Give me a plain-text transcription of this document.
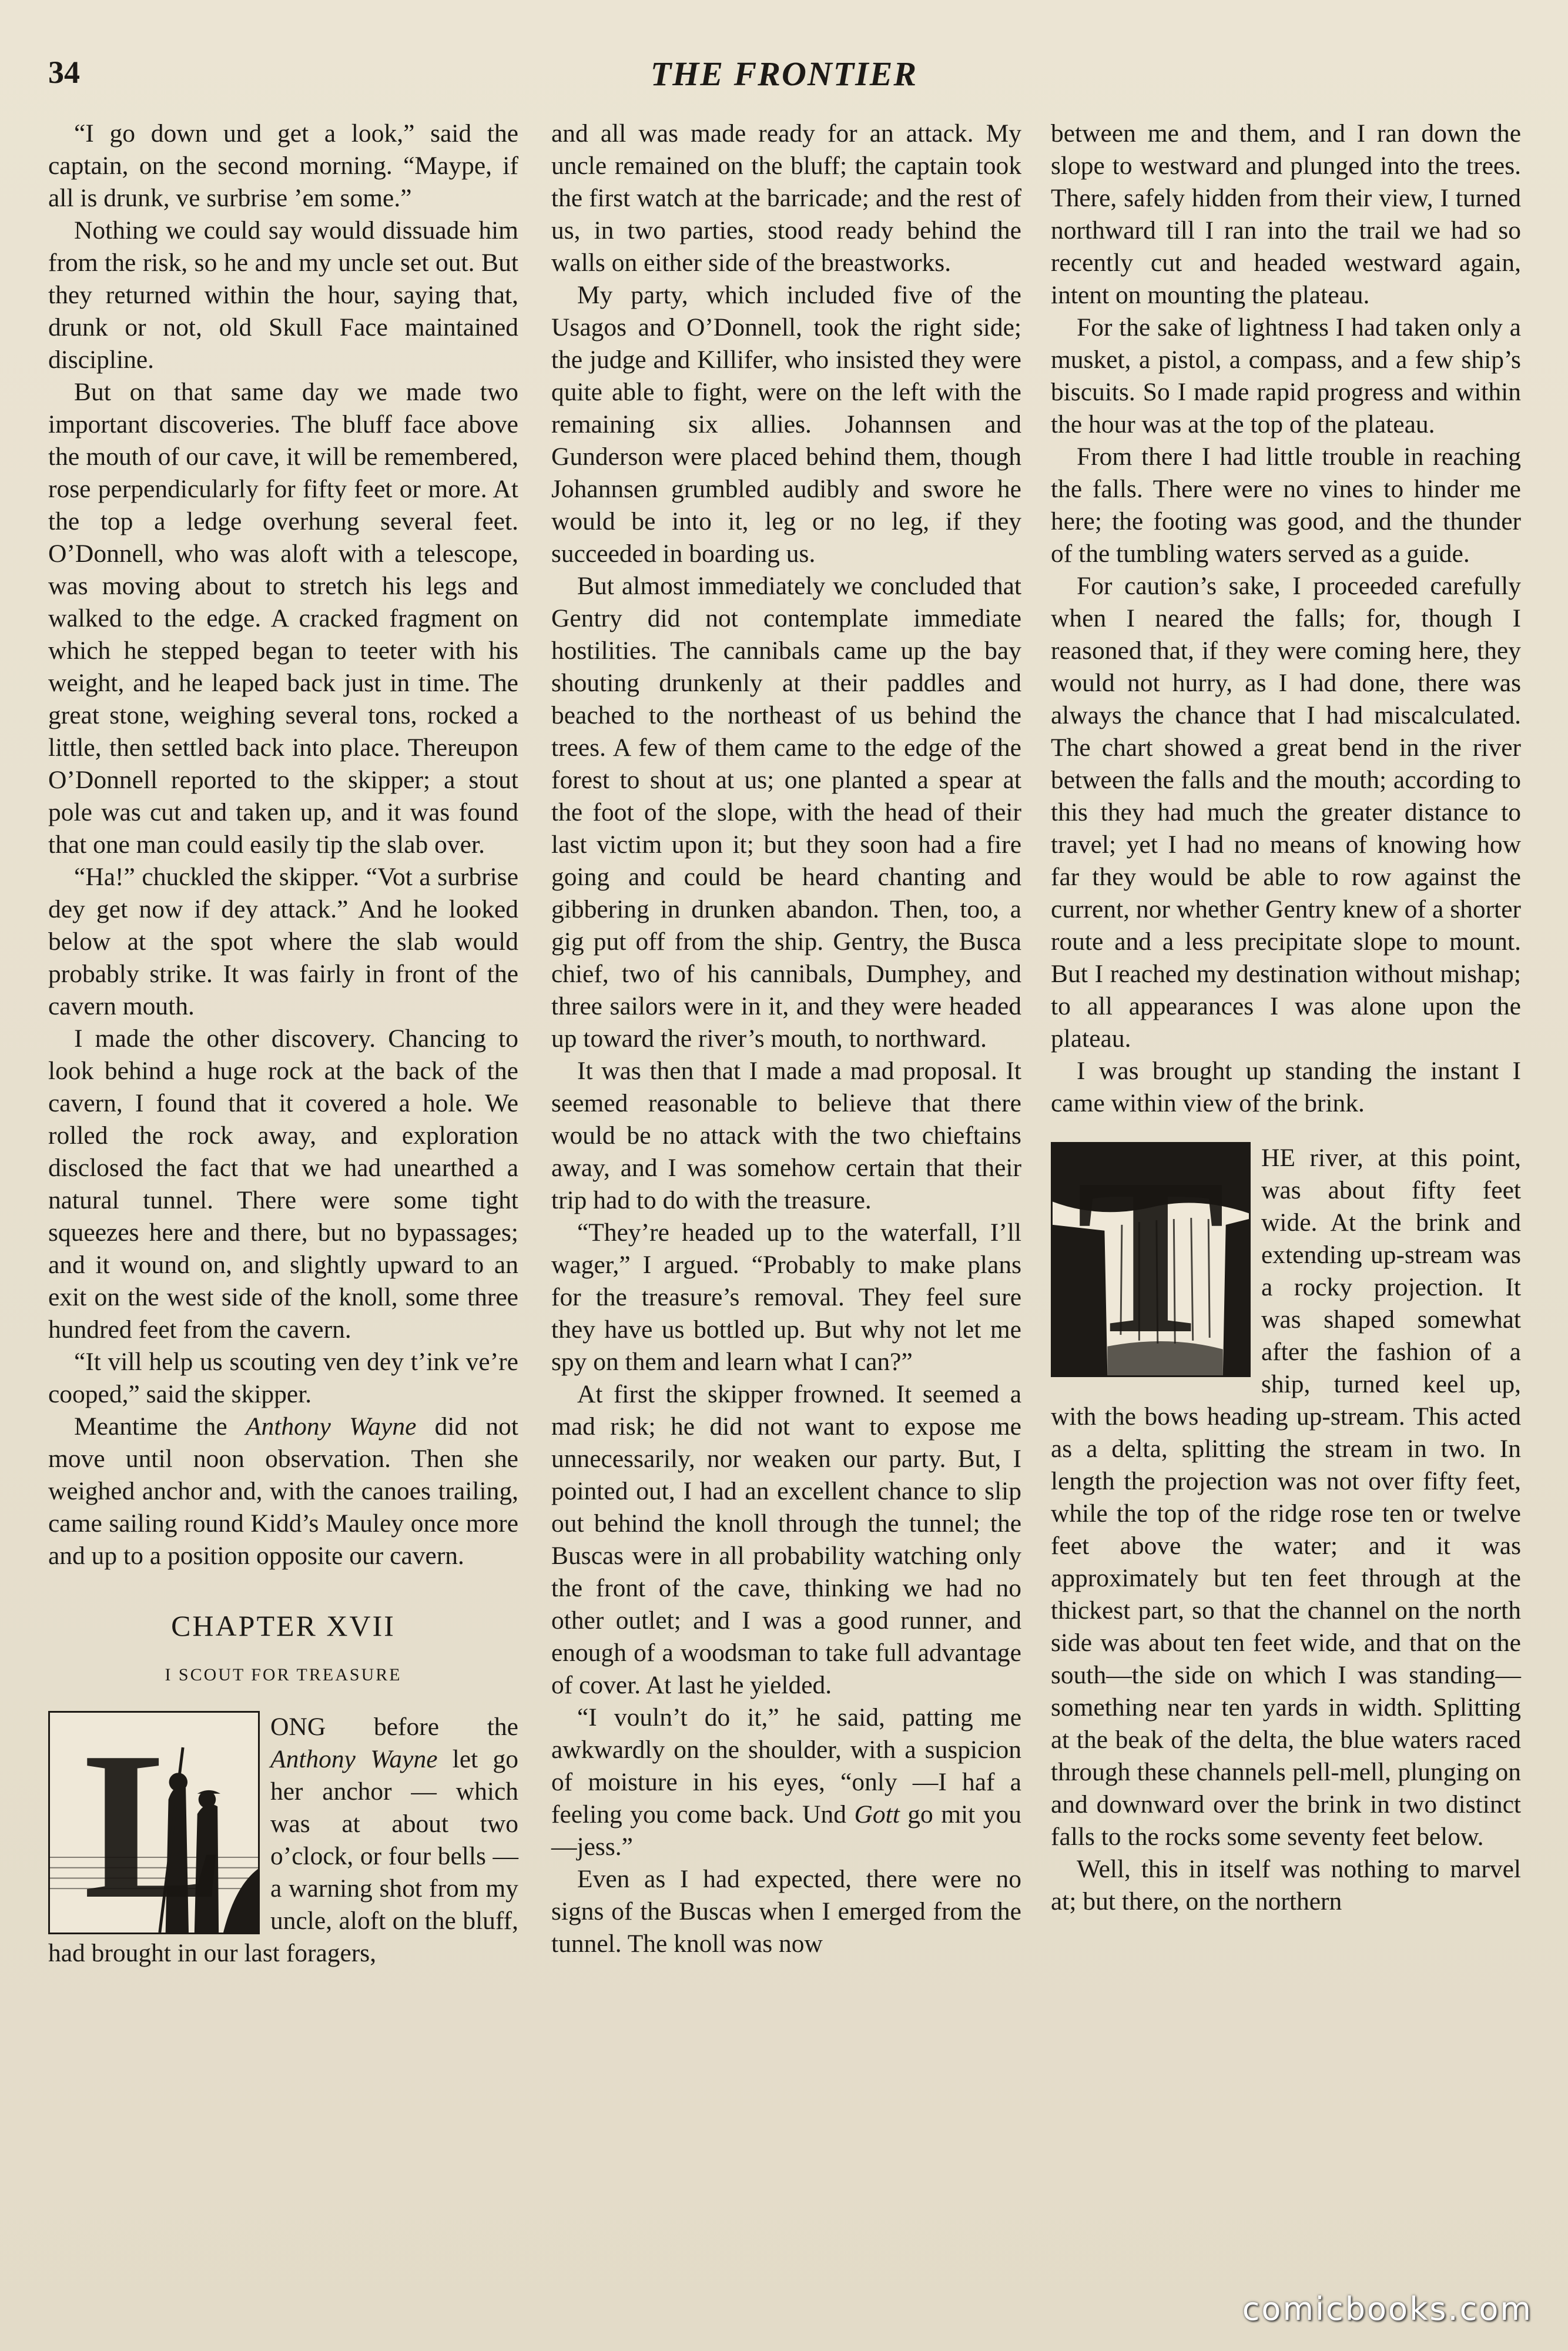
34	THE FRONTIER

“I go down und get a look,” said the captain, on the second morning. “Maype, if all is drunk, ve surbrise ’em some.”

Nothing we could say would dissuade him from the risk, so he and my uncle set out. But they returned within the hour, saying that, drunk or not, old Skull Face maintained discipline.

But on that same day we made two important discoveries. The bluff face above the mouth of our cave, it will be remembered, rose perpendicularly for fifty feet or more. At the top a ledge overhung several feet. O’Donnell, who was aloft with a telescope, was moving about to stretch his legs and walked to the edge. A cracked fragment on which he stepped began to teeter with his weight, and he leaped back just in time. The great stone, weighing several tons, rocked a little, then settled back into place. Thereupon O’Donnell reported to the skipper; a stout pole was cut and taken up, and it was found that one man could easily tip the slab over.

“Ha!” chuckled the skipper. “Vot a surbrise dey get now if dey attack.” And he looked below at the spot where the slab would probably strike. It was fairly in front of the cavern mouth.

I made the other discovery. Chancing to look behind a huge rock at the back of the cavern, I found that it covered a hole. We rolled the rock away, and exploration disclosed the fact that we had unearthed a natural tunnel. There were some tight squeezes here and there, but no bypassages; and it wound on, and slightly upward to an exit on the west side of the knoll, some three hundred feet from the cavern.

“It vill help us scouting ven dey t’ink ve’re cooped,” said the skipper.

Meantime the Anthony Wayne did not move until noon observation. Then she weighed anchor and, with the canoes trailing, came sailing round Kidd’s Mauley once more and up to a position opposite our cavern.

CHAPTER XVII
I SCOUT FOR TREASURE
L	ONG before the Anthony Wayne let go her anchor — which was at about two o’clock, or four bells — a warning shot from my uncle, aloft on the bluff, had brought in our last foragers,

and all was made ready for an attack. My uncle remained on the bluff; the captain took the first watch at the barricade; and the rest of us, in two parties, stood ready behind the walls on either side of the breastworks.

My party, which included five of the Usagos and O’Donnell, took the right side; the judge and Killifer, who insisted they were quite able to fight, were on the left with the remaining six allies. Johannsen and Gunderson were placed behind them, though Johannsen grumbled audibly and swore he would be into it, leg or no leg, if they succeeded in boarding us.

But almost immediately we concluded that Gentry did not contemplate immediate hostilities. The cannibals came up the bay shouting drunkenly at their paddles and beached to the northeast of us behind the trees. A few of them came to the edge of the forest to shout at us; one planted a spear at the foot of the slope, with the head of their last victim upon it; but they soon had a fire going and could be heard chanting and gibbering in drunken abandon. Then, too, a gig put off from the ship. Gentry, the Busca chief, two of his cannibals, Dumphey, and three sailors were in it, and they were headed up toward the river’s mouth, to northward.

It was then that I made a mad proposal. It seemed reasonable to believe that there would be no attack with the two chieftains away, and I was somehow certain that their trip had to do with the treasure.

“They’re headed up to the waterfall, I’ll wager,” I argued. “Probably to make plans for the treasure’s removal. They feel sure they have us bottled up. But why not let me spy on them and learn what I can?”

At first the skipper frowned. It seemed a mad risk; he did not want to expose me unnecessarily, nor weaken our party. But, I pointed out, I had an excellent chance to slip out behind the knoll through the tunnel; the Buscas were in all probability watching only the front of the cave, thinking we had no other outlet; and I was a good runner, and enough of a woodsman to take full advantage of cover. At last he yielded.

“I vouln’t do it,” he said, patting me awkwardly on the shoulder, with a suspicion of moisture in his eyes, “only —I haf a feeling you come back. Und Gott go mit you—jess.”

Even as I had expected, there were no signs of the Buscas when I emerged from the tunnel. The knoll was now

between me and them, and I ran down the slope to westward and plunged into the trees. There, safely hidden from their view, I turned northward till I ran into the trail we had so recently cut and headed westward again, intent on mounting the plateau.

For the sake of lightness I had taken only a musket, a pistol, a compass, and a few ship’s biscuits. So I made rapid progress and within the hour was at the top of the plateau.

From there I had little trouble in reaching the falls. There were no vines to hinder me here; the footing was good, and the thunder of the tumbling waters served as a guide.

For caution’s sake, I proceeded carefully when I neared the falls; for, though I reasoned that, if they were coming here, they would not hurry, as I had done, there was always the chance that I had miscalculated. The chart showed a great bend in the river between the falls and the mouth; according to this they had much the greater distance to travel; yet I had no means of knowing how far they would be able to row against the current, nor whether Gentry knew of a shorter route and a less precipitate slope to mount. But I reached my destination without mishap; to all appearances I was alone upon the plateau.

I was brought up standing the instant I came within view of the brink.

T	HE river, at this point, was about fifty feet wide. At the brink and extending up-stream was a rocky projection. It was shaped somewhat after the fashion of a ship, turned keel up, with the bows heading up-stream. This acted as a delta, splitting the stream in two. In length the projection was not over fifty feet, while the top of the ridge rose ten or twelve feet above the water; and it was approximately but ten feet through at the thickest part, so that the channel on the north side was about ten feet wide, and that on the south—the side on which I was standing—something near ten yards in width. Splitting at the beak of the delta, the blue waters raced through these channels pell-mell, plunging on and downward over the brink in two distinct falls to the rocks some seventy feet below.

Well, this in itself was nothing to marvel at; but there, on the northern

comicbooks.com
